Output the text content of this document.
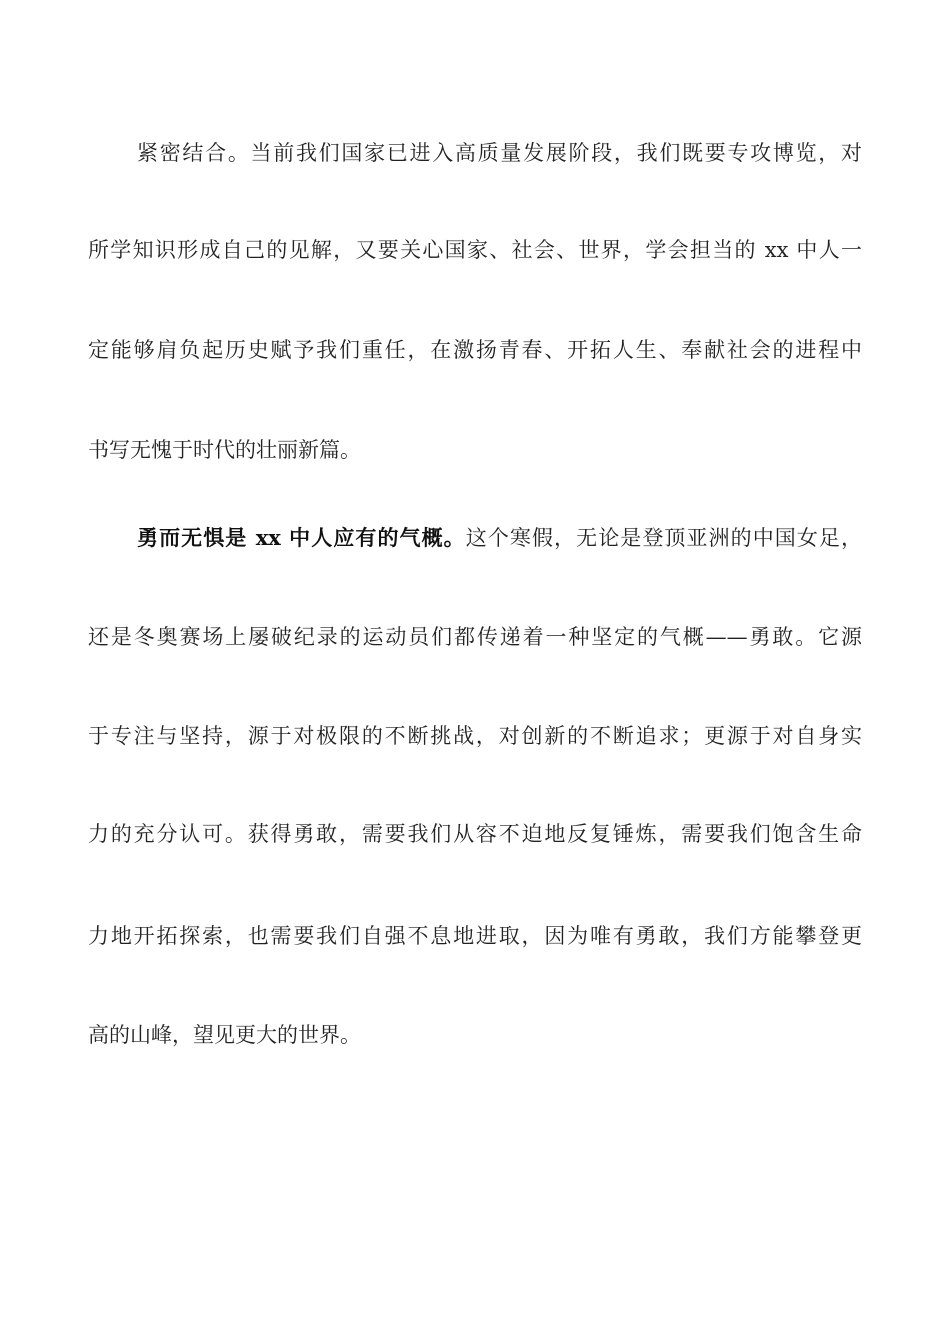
紧密结合。当前我们国家已进入高质量发展阶段，我们既要专攻博览，对
所学知识形成自己的见解，又要关心国家、社会、世界，学会担当的 xx 中人一
定能够肩负起历史赋予我们重任，在激扬青春、开拓人生、奉献社会的进程中
书写无愧于时代的壮丽新篇。
勇而无惧是 xx 中人应有的气概。这个寒假，无论是登顶亚洲的中国女足，
还是冬奥赛场上屡破纪录的运动员们都传递着一种坚定的气概——勇敢。它源
于专注与坚持，源于对极限的不断挑战，对创新的不断追求；更源于对自身实
力的充分认可。获得勇敢，需要我们从容不迫地反复锤炼，需要我们饱含生命
力地开拓探索，也需要我们自强不息地进取，因为唯有勇敢，我们方能攀登更
高的山峰，望见更大的世界。
